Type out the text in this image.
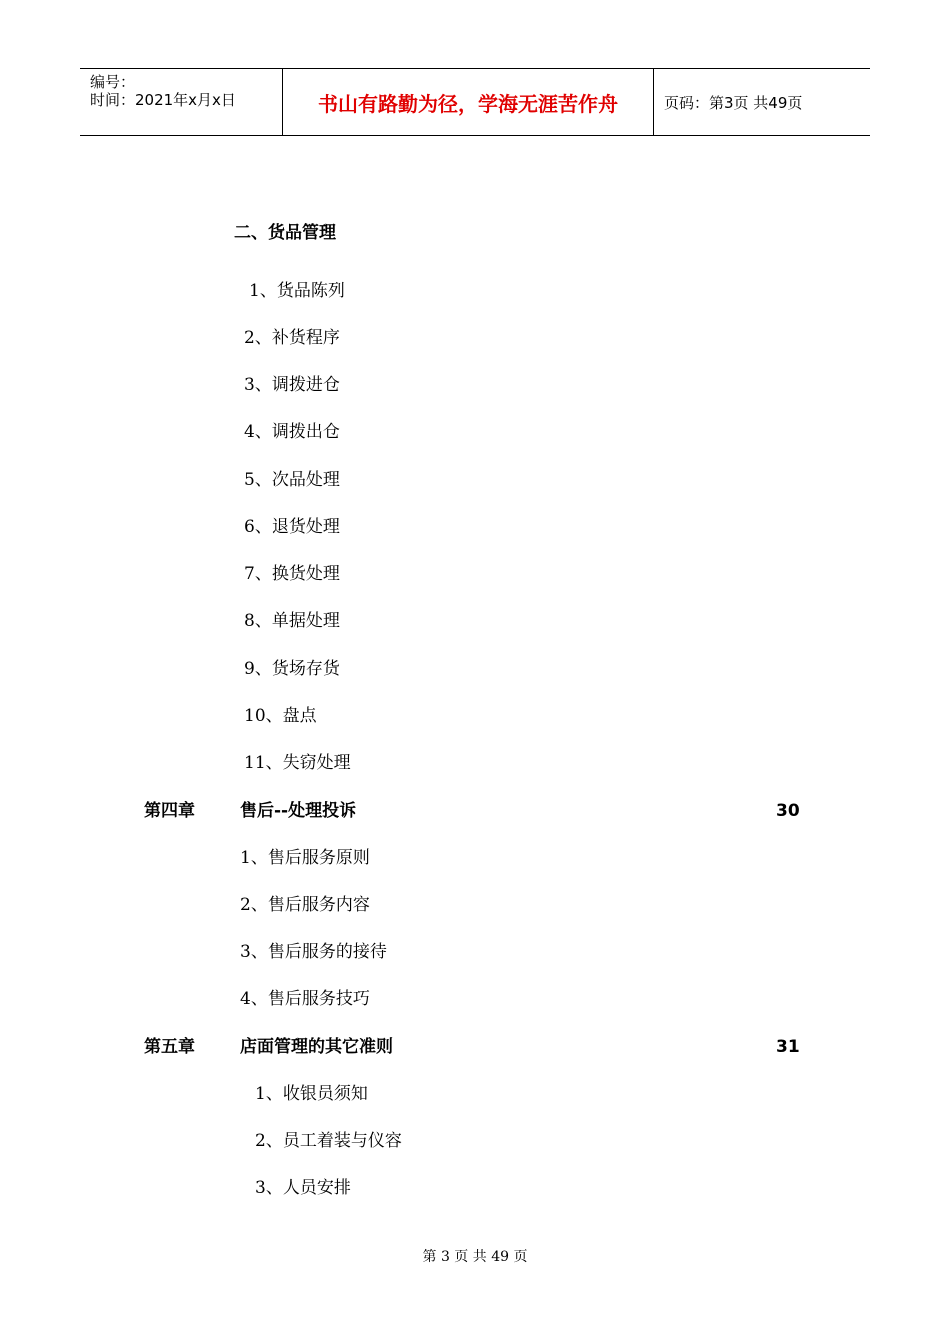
编号：
时间：2021年x月x日	书山有路勤为径，学海无涯苦作舟	页码：第3页 共49页
二、货品管理
1、货品陈列
2、补货程序
3、调拨进仓
4、调拨出仓
5、次品处理
6、退货处理
7、换货处理
8、单据处理
9、货场存货
10、盘点
11、失窃处理
第四章	售后--处理投诉	30
1、售后服务原则
2、售后服务内容
3、售后服务的接待
4、售后服务技巧
第五章	店面管理的其它准则	31
1、收银员须知
2、员工着装与仪容
3、人员安排
第 3 页 共 49 页
